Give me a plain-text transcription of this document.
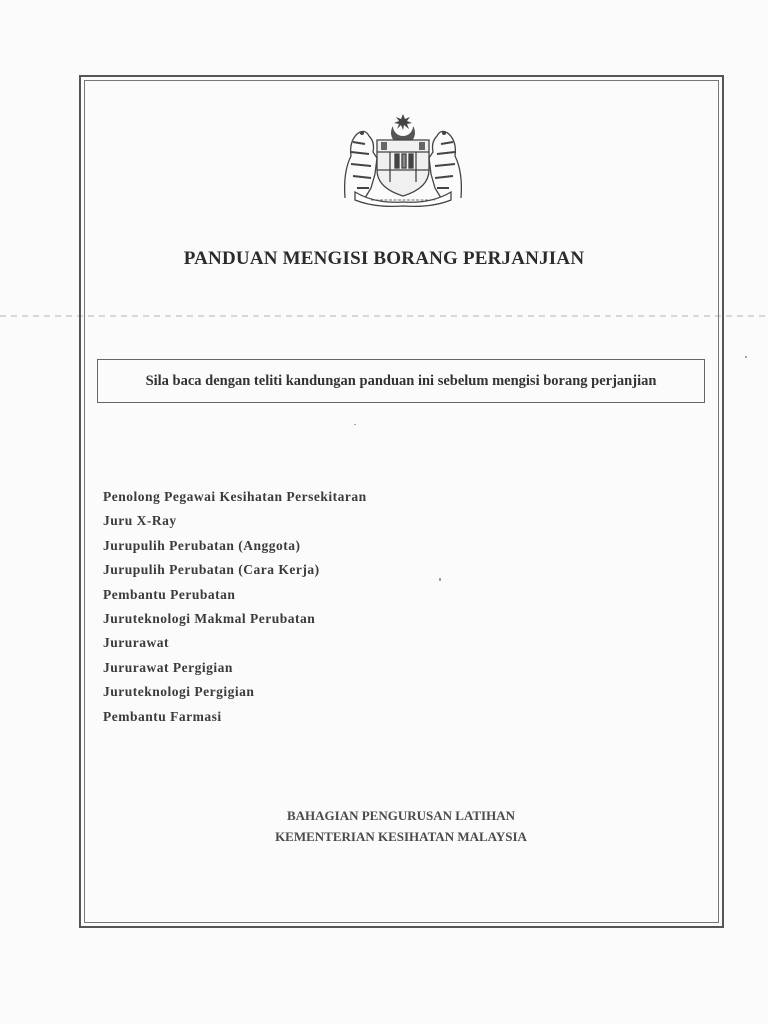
PANDUAN MENGISI BORANG PERJANJIAN
Sila baca dengan teliti kandungan panduan ini sebelum mengisi borang perjanjian
Penolong Pegawai Kesihatan Persekitaran
Juru X-Ray
Jurupulih Perubatan (Anggota)
Jurupulih Perubatan (Cara Kerja)
Pembantu Perubatan
Juruteknologi Makmal Perubatan
Jururawat
Jururawat Pergigian
Juruteknologi Pergigian
Pembantu Farmasi
BAHAGIAN PENGURUSAN LATIHAN
KEMENTERIAN KESIHATAN MALAYSIA
